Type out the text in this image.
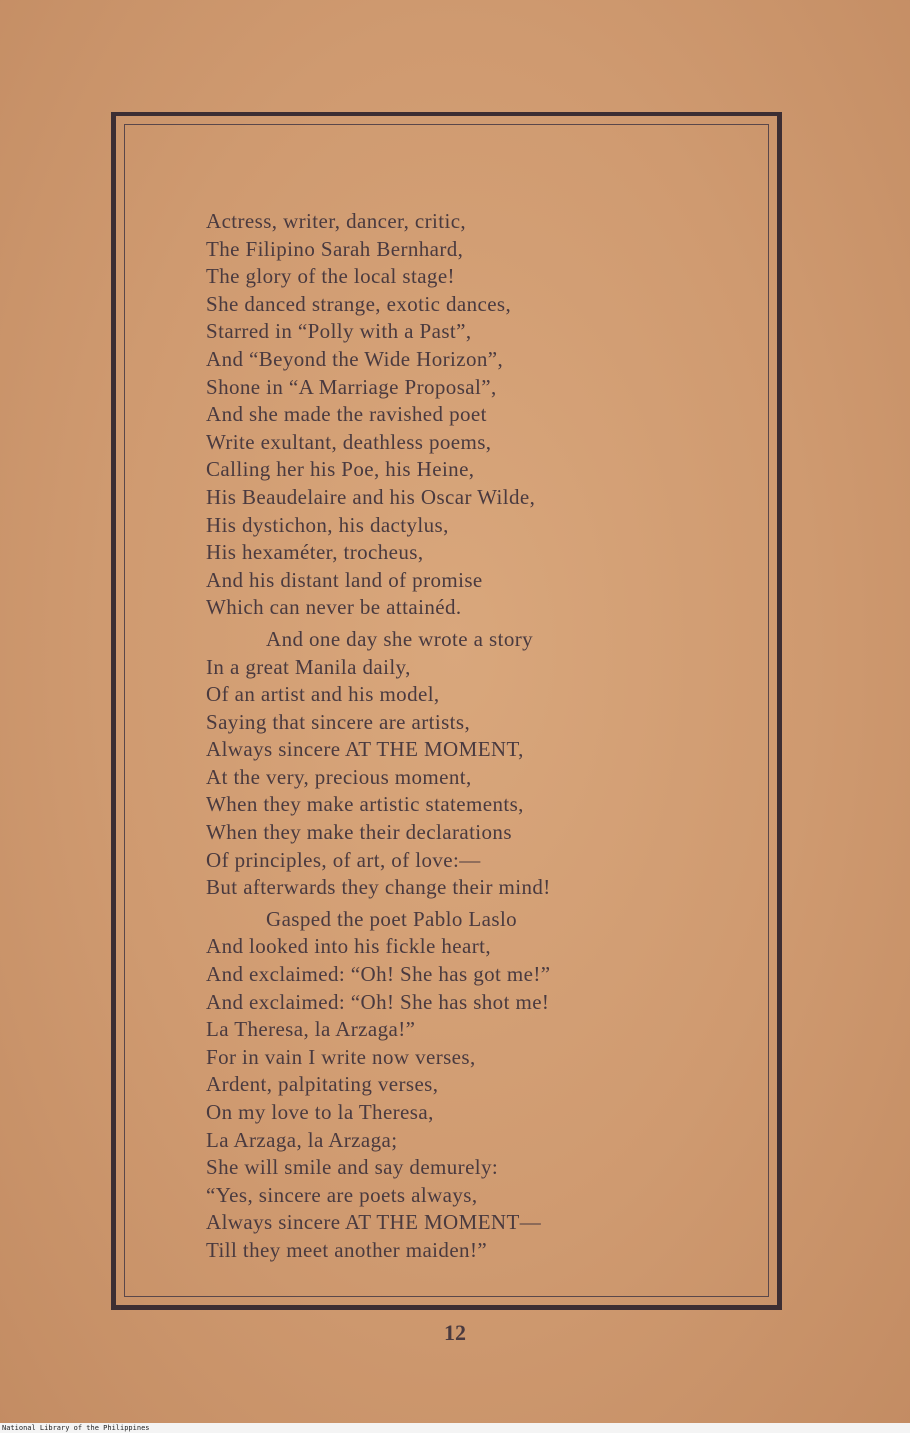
Actress, writer, dancer, critic,
The Filipino Sarah Bernhard,
The glory of the local stage!
She danced strange, exotic dances,
Starred in “Polly with a Past”,
And “Beyond the Wide Horizon”,
Shone in “A Marriage Proposal”,
And she made the ravished poet
Write exultant, deathless poems,
Calling her his Poe, his Heine,
His Beaudelaire and his Oscar Wilde,
His dystichon, his dactylus,
His hexaméter, trocheus,
And his distant land of promise
Which can never be attainéd.
And one day she wrote a story
In a great Manila daily,
Of an artist and his model,
Saying that sincere are artists,
Always sincere AT THE MOMENT,
At the very, precious moment,
When they make artistic statements,
When they make their declarations
Of principles, of art, of love:—
But afterwards they change their mind!
Gasped the poet Pablo Laslo
And looked into his fickle heart,
And exclaimed: “Oh! She has got me!”
And exclaimed: “Oh! She has shot me!
La Theresa, la Arzaga!”
For in vain I write now verses,
Ardent, palpitating verses,
On my love to la Theresa,
La Arzaga, la Arzaga;
She will smile and say demurely:
“Yes, sincere are poets always,
Always sincere AT THE MOMENT—
Till they meet another maiden!”
12
National Library of the Philippines
